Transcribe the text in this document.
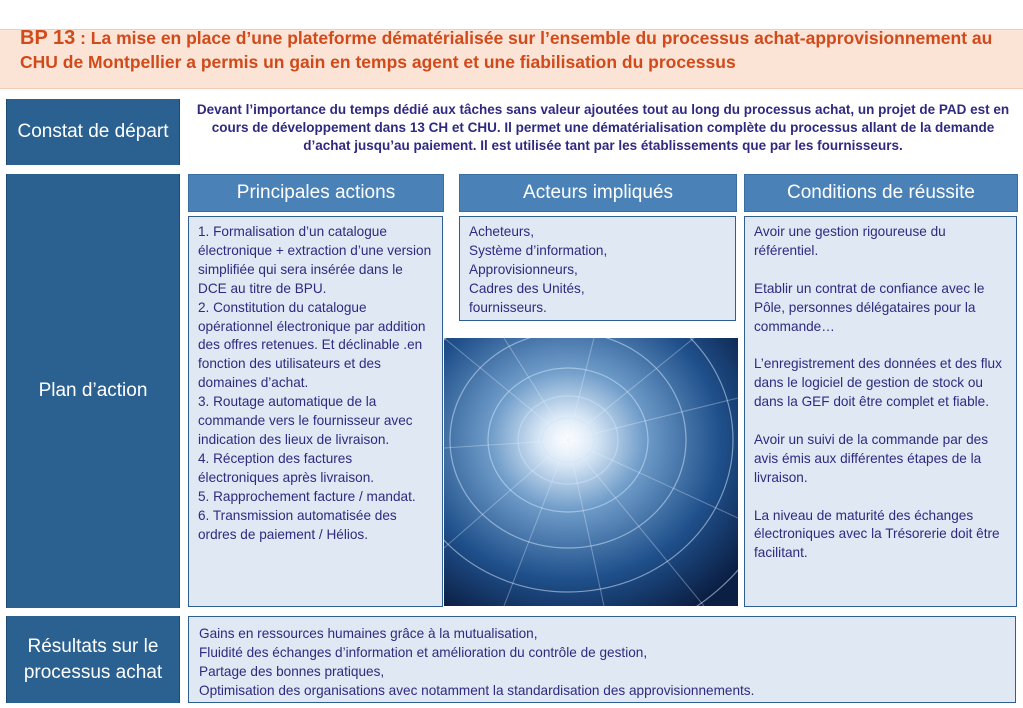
BP 13 : La mise en place d’une plateforme dématérialisée sur l’ensemble du processus achat-approvisionnement au CHU de Montpellier a permis un gain en temps agent et une fiabilisation du processus
Constat de départ

Devant l’importance du temps dédié aux tâches sans valeur ajoutées tout au long du processus achat, un projet de PAD est en cours de développement dans 13 CH et CHU. Il permet une dématérialisation complète du processus allant de la demande d’achat jusqu’au paiement. Il est utilisée tant par les établissements que par les fournisseurs.

Plan d’action
Principales actions	Acteurs impliqués	Conditions de réussite

1. Formalisation d’un catalogue électronique + extraction d’une version simplifiée qui sera insérée dans le DCE au titre de BPU.

2. Constitution du catalogue opérationnel électronique par addition des offres retenues. Et déclinable .en fonction des utilisateurs et des domaines d’achat.

3. Routage automatique de la commande vers le fournisseur avec indication des lieux de livraison.

4. Réception des factures électroniques après livraison.

5. Rapprochement facture / mandat.

6. Transmission automatisée des ordres de paiement / Hélios.

Acheteurs,

Système d’information,

Approvisionneurs,

Cadres des Unités,

fournisseurs.

Avoir une gestion rigoureuse du référentiel.

Etablir un contrat de confiance avec le Pôle, personnes délégataires pour la commande…

L’enregistrement des données et des flux dans le logiciel de gestion de stock ou dans la GEF doit être complet et fiable.

Avoir un suivi de la commande par des avis émis aux différentes étapes de la livraison.

La niveau de maturité des échanges électroniques avec la Trésorerie doit être facilitant.

Résultats sur le processus achat
Gains en ressources humaines grâce à la mutualisation,
Fluidité des échanges d’information et amélioration du contrôle de gestion,
Partage des bonnes pratiques,
Optimisation des organisations avec notamment la standardisation des approvisionnements.
